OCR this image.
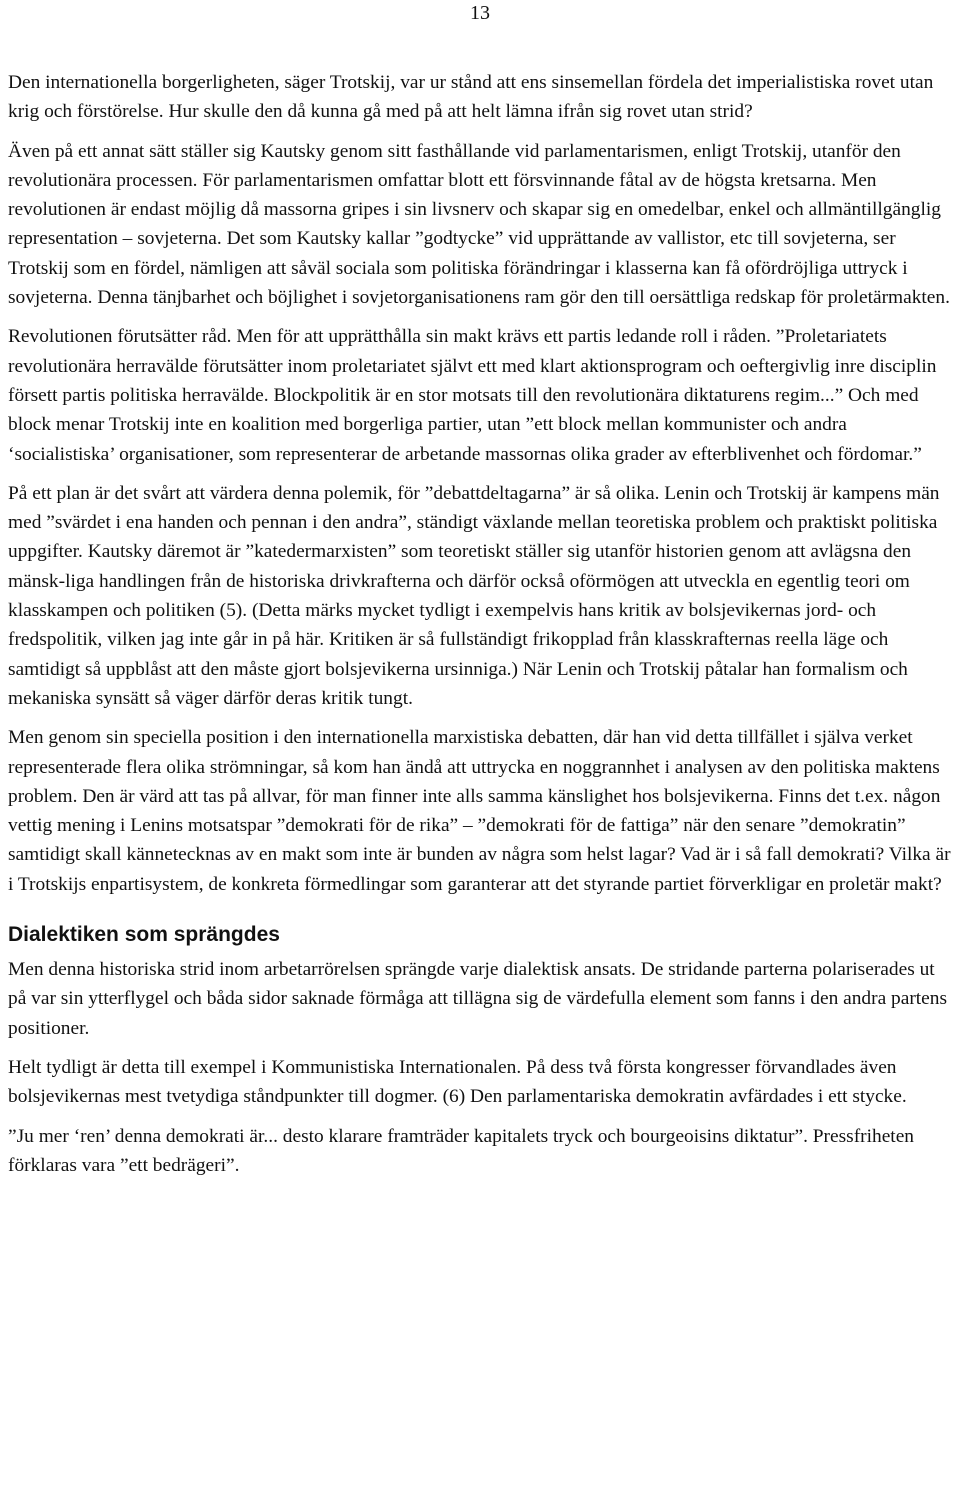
13

Den internationella borgerligheten, säger Trotskij, var ur stånd att ens sinsemellan fördela det imperialistiska rovet utan krig och förstörelse. Hur skulle den då kunna gå med på att helt lämna ifrån sig rovet utan strid?

Även på ett annat sätt ställer sig Kautsky genom sitt fasthållande vid parlamentarismen, enligt Trotskij, utanför den revolutionära processen. För parlamentarismen omfattar blott ett försvinnande fåtal av de högsta kretsarna. Men revolutionen är endast möjlig då massorna gripes i sin livsnerv och skapar sig en omedelbar, enkel och allmäntillgänglig representation – sovjeterna. Det som Kautsky kallar ”godtycke” vid upprättande av vallistor, etc till sovjeterna, ser Trotskij som en fördel, nämligen att såväl sociala som politiska förändringar i klasserna kan få ofördröjliga uttryck i sovjeterna. Denna tänjbarhet och böjlighet i sovjetorganisationens ram gör den till oersättliga redskap för proletärmakten.

Revolutionen förutsätter råd. Men för att upprätthålla sin makt krävs ett partis ledande roll i råden. ”Proletariatets revolutionära herravälde förutsätter inom proletariatet självt ett med klart aktionsprogram och oeftergivlig inre disciplin försett partis politiska herravälde. Blockpolitik är en stor motsats till den revolutionära diktaturens regim...” Och med block menar Trotskij inte en koalition med borgerliga partier, utan ”ett block mellan kommunister och andra ‘socialistiska’ organisationer, som representerar de arbetande massornas olika grader av efterblivenhet och fördomar.”

På ett plan är det svårt att värdera denna polemik, för ”debattdeltagarna” är så olika. Lenin och Trotskij är kampens män med ”svärdet i ena handen och pennan i den andra”, ständigt växlande mellan teoretiska problem och praktiskt politiska uppgifter. Kautsky däremot är ”katedermarxisten” som teoretiskt ställer sig utanför historien genom att avlägsna den mänsk-liga handlingen från de historiska drivkrafterna och därför också oförmögen att utveckla en egentlig teori om klasskampen och politiken (5). (Detta märks mycket tydligt i exempelvis hans kritik av bolsjevikernas jord- och fredspolitik, vilken jag inte går in på här. Kritiken är så fullständigt frikopplad från klasskrafternas reella läge och samtidigt så uppblåst att den måste gjort bolsjevikerna ursinniga.) När Lenin och Trotskij påtalar han formalism och mekaniska synsätt så väger därför deras kritik tungt.

Men genom sin speciella position i den internationella marxistiska debatten, där han vid detta tillfället i själva verket representerade flera olika strömningar, så kom han ändå att uttrycka en noggrannhet i analysen av den politiska maktens problem. Den är värd att tas på allvar, för man finner inte alls samma känslighet hos bolsjevikerna. Finns det t.ex. någon vettig mening i Lenins motsatspar ”demokrati för de rika” – ”demokrati för de fattiga” när den senare ”demokratin” samtidigt skall kännetecknas av en makt som inte är bunden av några som helst lagar? Vad är i så fall demokrati? Vilka är i Trotskijs enpartisystem, de konkreta förmedlingar som garanterar att det styrande partiet förverkligar en proletär makt?

Dialektiken som sprängdes

Men denna historiska strid inom arbetarrörelsen sprängde varje dialektisk ansats. De stridande parterna polariserades ut på var sin ytterflygel och båda sidor saknade förmåga att tillägna sig de värdefulla element som fanns i den andra partens positioner.

Helt tydligt är detta till exempel i Kommunistiska Internationalen. På dess två första kongresser förvandlades även bolsjevikernas mest tvetydiga ståndpunkter till dogmer. (6) Den parlamentariska demokratin avfärdades i ett stycke.

”Ju mer ‘ren’ denna demokrati är... desto klarare framträder kapitalets tryck och bourgeoisins diktatur”. Pressfriheten förklaras vara ”ett bedrägeri”.
